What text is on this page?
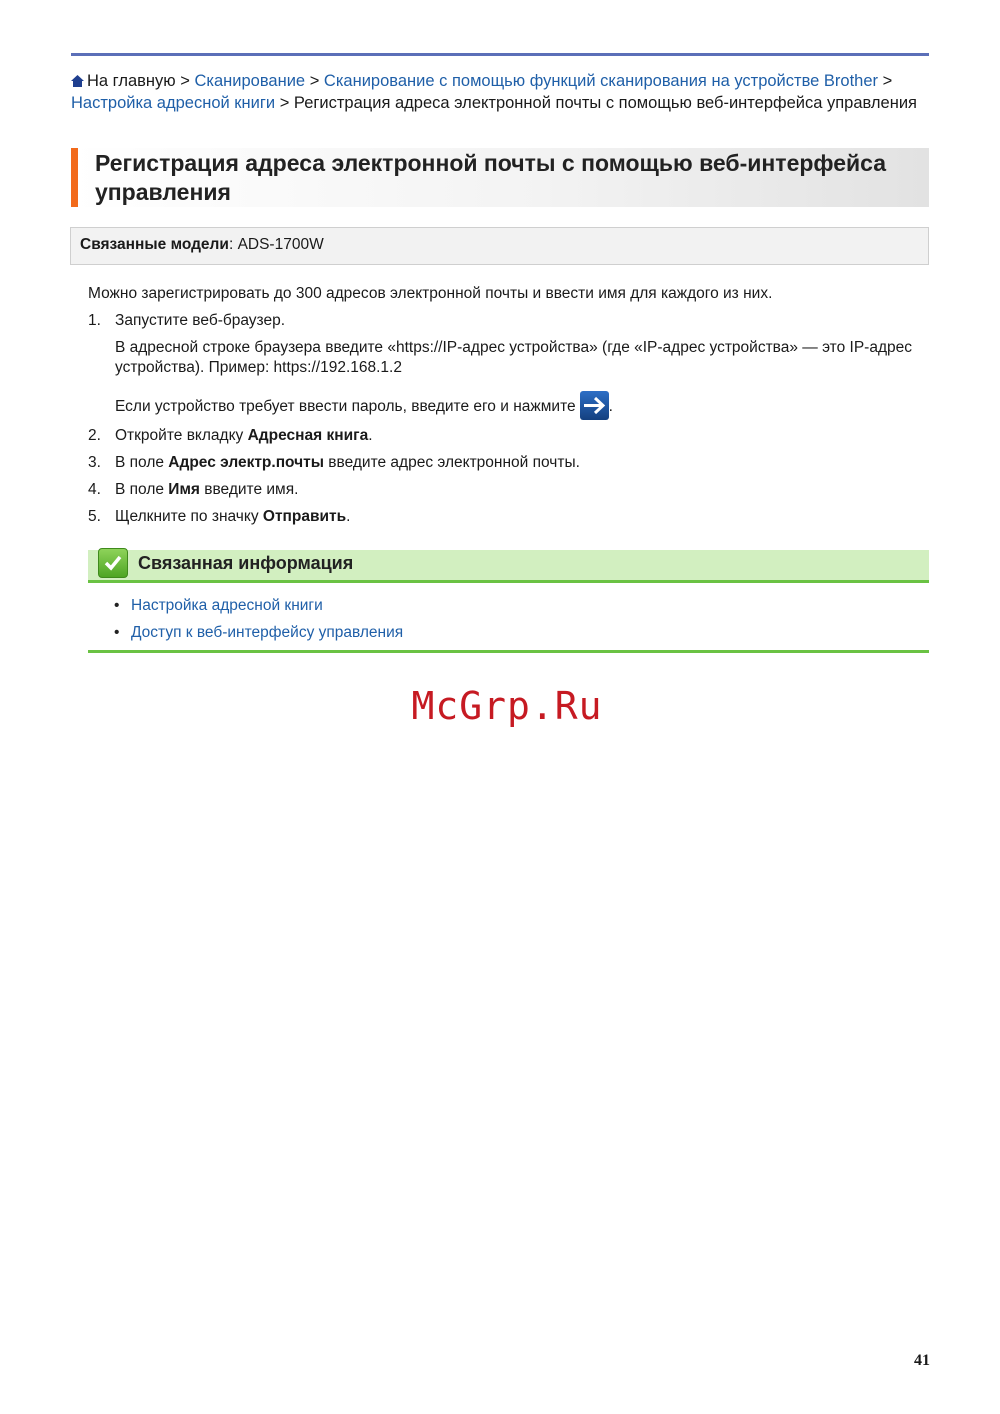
На главную > Сканирование > Сканирование с помощью функций сканирования на устройстве Brother > Настройка адресной книги > Регистрация адреса электронной почты с помощью веб-интерфейса управления
Регистрация адреса электронной почты с помощью веб-интерфейса управления
Связанные модели: ADS-1700W
Можно зарегистрировать до 300 адресов электронной почты и ввести имя для каждого из них.
1. Запустите веб-браузер.
В адресной строке браузера введите «https://IP-адрес устройства» (где «IP-адрес устройства» — это IP-адрес устройства). Пример: https://192.168.1.2
Если устройство требует ввести пароль, введите его и нажмите .
2. Откройте вкладку Адресная книга.
3. В поле Адрес электр.почты введите адрес электронной почты.
4. В поле Имя введите имя.
5. Щелкните по значку Отправить.
Связанная информация
• Настройка адресной книги
• Доступ к веб-интерфейсу управления
McGrp.Ru
41
